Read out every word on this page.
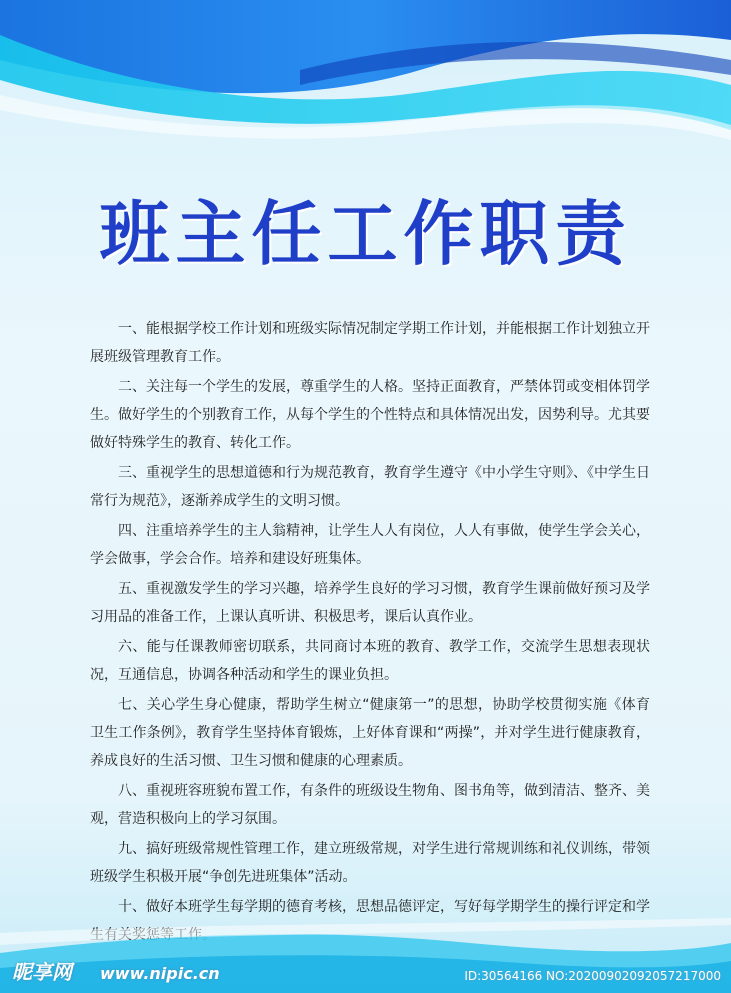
班主任工作职责

一、能根据学校工作计划和班级实际情况制定学期工作计划，并能根据工作计划独立开展班级管理教育工作。

二、关注每一个学生的发展，尊重学生的人格。坚持正面教育，严禁体罚或变相体罚学生。做好学生的个别教育工作，从每个学生的个性特点和具体情况出发，因势利导。尤其要做好特殊学生的教育、转化工作。

三、重视学生的思想道德和行为规范教育，教育学生遵守《中小学生守则》、《中学生日常行为规范》，逐渐养成学生的文明习惯。

四、注重培养学生的主人翁精神，让学生人人有岗位，人人有事做，使学生学会关心，学会做事，学会合作。培养和建设好班集体。

五、重视激发学生的学习兴趣，培养学生良好的学习习惯，教育学生课前做好预习及学习用品的准备工作，上课认真听讲、积极思考，课后认真作业。

六、能与任课教师密切联系，共同商讨本班的教育、教学工作，交流学生思想表现状况，互通信息，协调各种活动和学生的课业负担。

七、关心学生身心健康，帮助学生树立“健康第一”的思想，协助学校贯彻实施《体育卫生工作条例》，教育学生坚持体育锻炼，上好体育课和“两操”，并对学生进行健康教育，养成良好的生活习惯、卫生习惯和健康的心理素质。

八、重视班容班貌布置工作，有条件的班级设生物角、图书角等，做到清洁、整齐、美观，营造积极向上的学习氛围。

九、搞好班级常规性管理工作，建立班级常规，对学生进行常规训练和礼仪训练，带领班级学生积极开展“争创先进班集体”活动。

十、做好本班学生每学期的德育考核，思想品德评定，写好每学期学生的操行评定和学

昵享网 www.nipic.cn	ID:30564166 NO:20200902092057217000
